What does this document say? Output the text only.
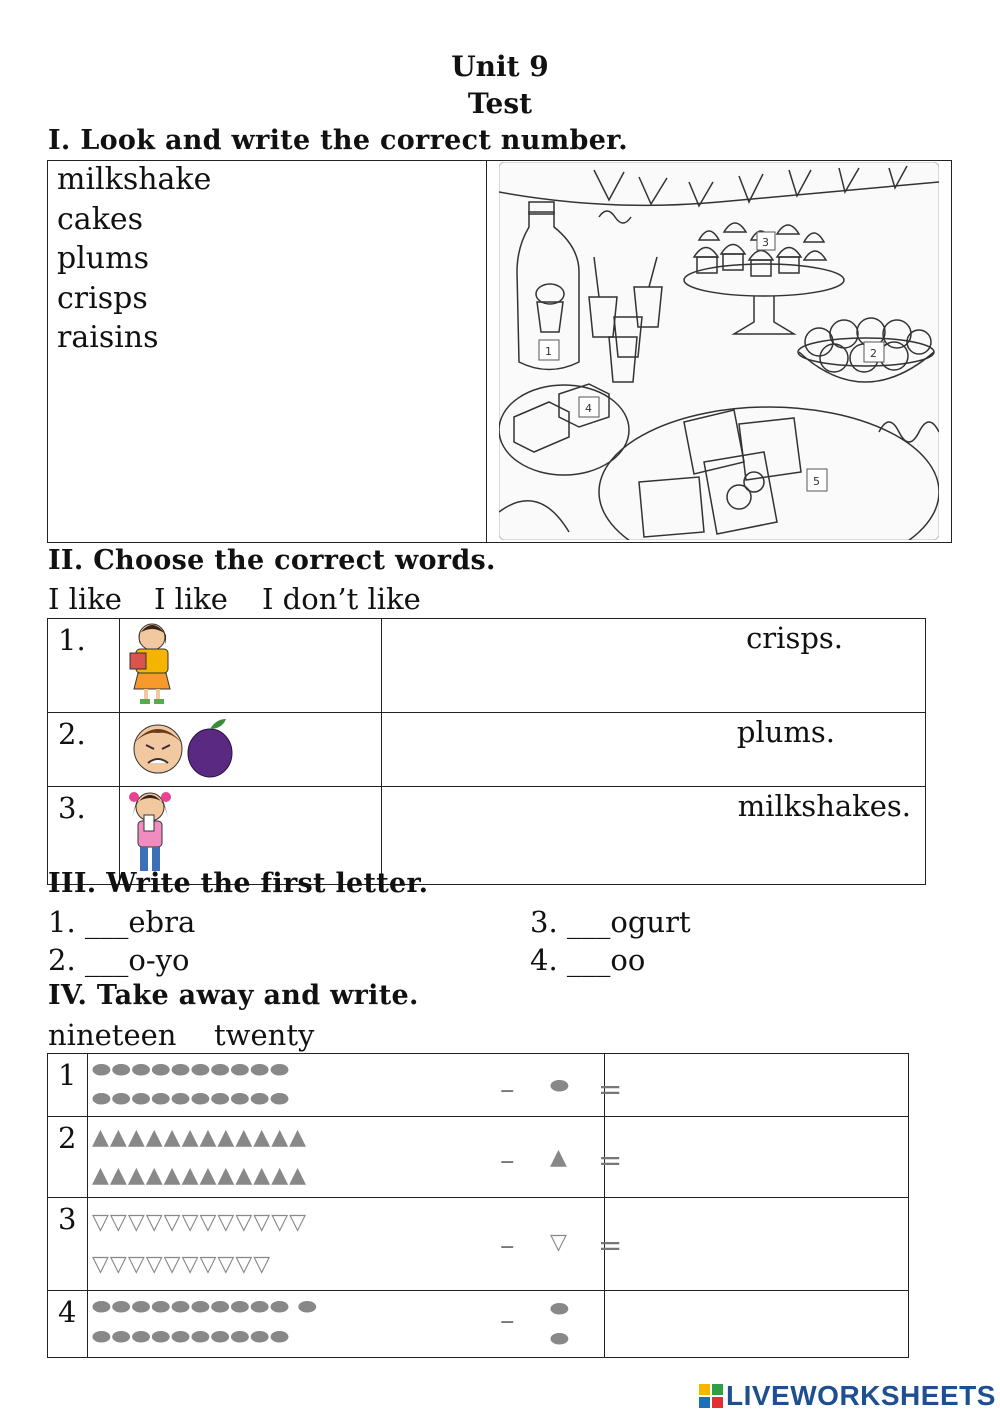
Unit 9
Test
I. Look and write the correct number.
milkshake
cakes
plums
crisps
raisins	1	2
3
4
5
II. Choose the correct words.
I like I like I don’t like
1.		crisps.

2.		plums.

3.		milkshakes.
III. Write the first letter.
1. ___ebra
2. ___o-yo
3. ___ogurt
4. ___oo
IV. Take away and write.
nineteen twenty
1	⬬⬬⬬⬬⬬⬬⬬⬬⬬⬬
⬬⬬⬬⬬⬬⬬⬬⬬⬬⬬ – ⬬ =

2	▲▲▲▲▲▲▲▲▲▲▲▲
▲▲▲▲▲▲▲▲▲▲▲▲ – ▲ =

3	▽▽▽▽▽▽▽▽▽▽▽▽
▽▽▽▽▽▽▽▽▽▽
– ▽ =

4	⬬⬬⬬⬬⬬⬬⬬⬬⬬⬬ ⬬
⬬⬬⬬⬬⬬⬬⬬⬬⬬⬬
– ⬬
⬬

LIVEWORKSHEETS
